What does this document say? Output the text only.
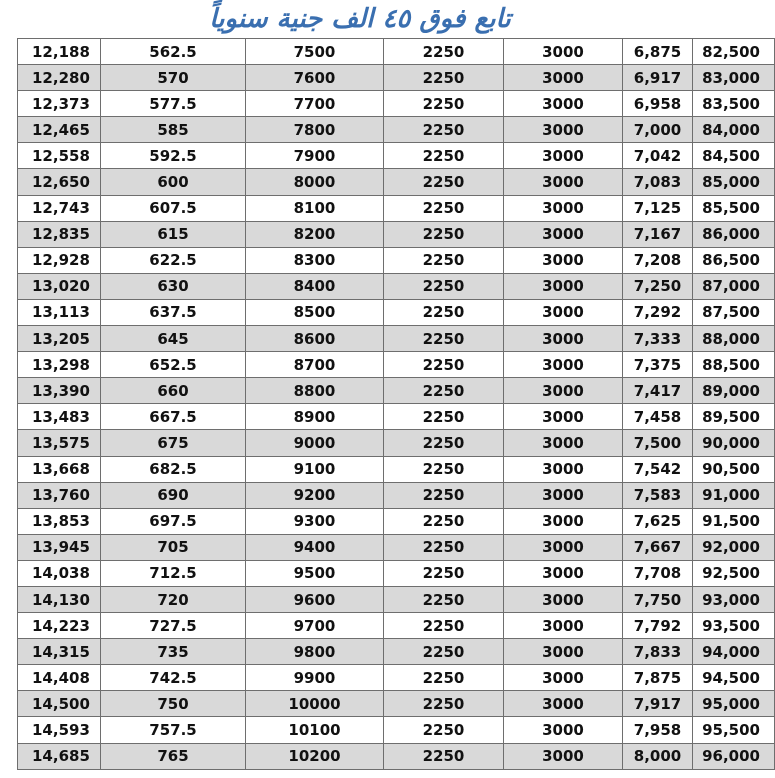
تابع فوق ٤٥ الف جنية سنوياً
12,188	562.5	7500	2250	3000	6,875	82,500
12,280	570	7600	2250	3000	6,917	83,000
12,373	577.5	7700	2250	3000	6,958	83,500
12,465	585	7800	2250	3000	7,000	84,000
12,558	592.5	7900	2250	3000	7,042	84,500
12,650	600	8000	2250	3000	7,083	85,000
12,743	607.5	8100	2250	3000	7,125	85,500
12,835	615	8200	2250	3000	7,167	86,000
12,928	622.5	8300	2250	3000	7,208	86,500
13,020	630	8400	2250	3000	7,250	87,000
13,113	637.5	8500	2250	3000	7,292	87,500
13,205	645	8600	2250	3000	7,333	88,000
13,298	652.5	8700	2250	3000	7,375	88,500
13,390	660	8800	2250	3000	7,417	89,000
13,483	667.5	8900	2250	3000	7,458	89,500
13,575	675	9000	2250	3000	7,500	90,000
13,668	682.5	9100	2250	3000	7,542	90,500
13,760	690	9200	2250	3000	7,583	91,000
13,853	697.5	9300	2250	3000	7,625	91,500
13,945	705	9400	2250	3000	7,667	92,000
14,038	712.5	9500	2250	3000	7,708	92,500
14,130	720	9600	2250	3000	7,750	93,000
14,223	727.5	9700	2250	3000	7,792	93,500
14,315	735	9800	2250	3000	7,833	94,000
14,408	742.5	9900	2250	3000	7,875	94,500
14,500	750	10000	2250	3000	7,917	95,000
14,593	757.5	10100	2250	3000	7,958	95,500
14,685	765	10200	2250	3000	8,000	96,000
